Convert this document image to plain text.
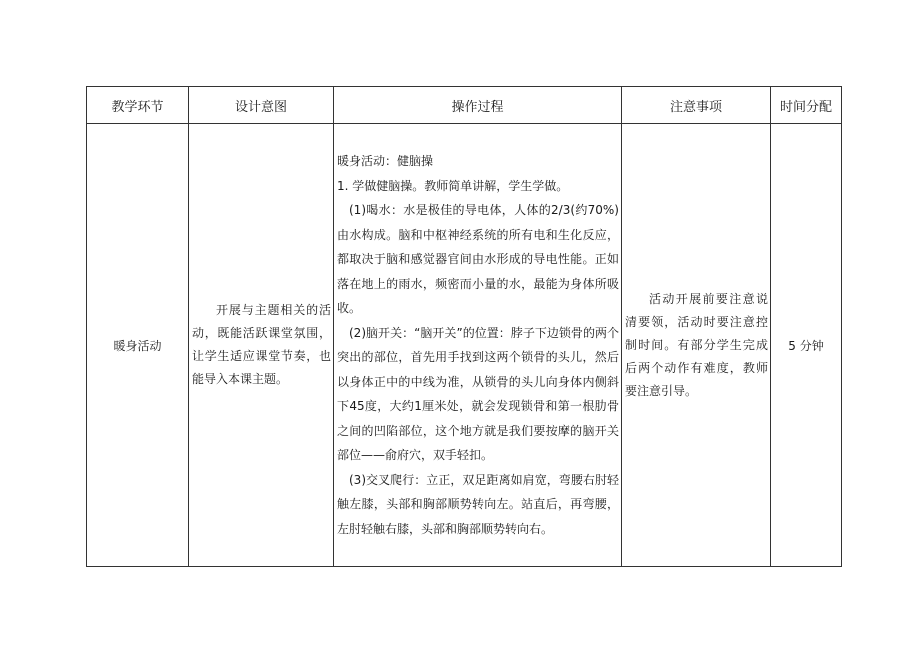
教学环节	设计意图	操作过程	注意事项	时间分配
暖身活动	开展与主题相关的活动，既能活跃课堂氛围，让学生适应课堂节奏，也能导入本课主题。	暖身活动：健脑操

1. 学做健脑操。教师简单讲解，学生学做。

(1)喝水：水是极佳的导电体，人体的2/3(约70%)由水构成。脑和中枢神经系统的所有电和生化反应，都取决于脑和感觉器官间由水形成的导电性能。正如落在地上的雨水，频密而小量的水，最能为身体所吸收。

(2)脑开关：“脑开关”的位置：脖子下边锁骨的两个突出的部位，首先用手找到这两个锁骨的头儿，然后以身体正中的中线为准，从锁骨的头儿向身体内侧斜下45度，大约1厘米处，就会发现锁骨和第一根肋骨之间的凹陷部位，这个地方就是我们要按摩的脑开关部位——俞府穴，双手轻扣。

(3)交叉爬行：立正，双足距离如肩宽，弯腰右肘轻触左膝，头部和胸部顺势转向左。站直后，再弯腰，左肘轻触右膝，头部和胸部顺势转向右。	活动开展前要注意说清要领，活动时要注意控制时间。有部分学生完成后两个动作有难度，教师要注意引导。	5 分钟
